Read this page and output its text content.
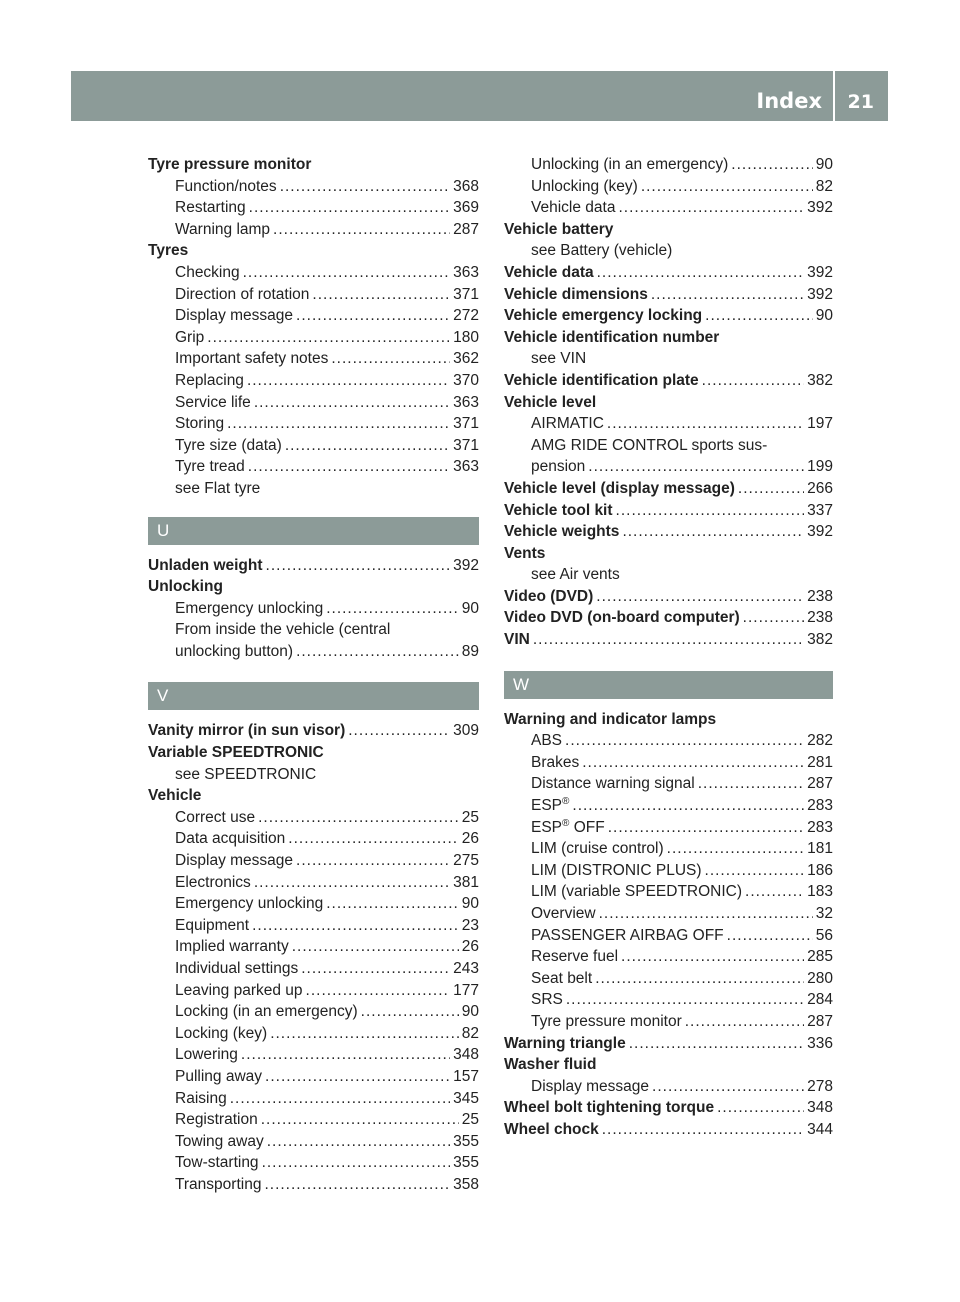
Index 21
Tyre pressure monitor
Function/notes .....	368
Restarting .....	369
Warning lamp .....	287
Tyres
Checking .....	363
Direction of rotation .....	371
Display message .....	272
Grip .....	180
Important safety notes .....	362
Replacing .....	370
Service life .....	363
Storing .....	371
Tyre size (data) .....	371
Tyre tread .....	363
see Flat tyre
U
Unladen weight .....	392
Unlocking
Emergency unlocking .....	90
From inside the vehicle (central
unlocking button) .....	89
V
Vanity mirror (in sun visor) .....	309
Variable SPEEDTRONIC
see SPEEDTRONIC
Vehicle
Correct use .....	25
Data acquisition .....	26
Display message .....	275
Electronics .....	381
Emergency unlocking .....	90
Equipment .....	23
Implied warranty .....	26
Individual settings .....	243
Leaving parked up .....	177
Locking (in an emergency) .....	90
Locking (key) .....	82
Lowering .....	348
Pulling away .....	157
Raising .....	345
Registration .....	25
Towing away .....	355
Tow-starting .....	355
Transporting .....	358
Unlocking (in an emergency) .....	90
Unlocking (key) .....	82
Vehicle data .....	392
Vehicle battery
see Battery (vehicle)
Vehicle data .....	392
Vehicle dimensions .....	392
Vehicle emergency locking .....	90
Vehicle identification number
see VIN
Vehicle identification plate .....	382
Vehicle level
AIRMATIC .....	197
AMG RIDE CONTROL sports sus-
pension .....	199
Vehicle level (display message) .....	266
Vehicle tool kit .....	337
Vehicle weights .....	392
Vents
see Air vents
Video (DVD) .....	238
Video DVD (on-board computer) .....	238
VIN .....	382
W
Warning and indicator lamps
ABS .....	282
Brakes .....	281
Distance warning signal .....	287
ESP® .....	283
ESP® OFF .....	283
LIM (cruise control) .....	181
LIM (DISTRONIC PLUS) .....	186
LIM (variable SPEEDTRONIC) .....	183
Overview .....	32
PASSENGER AIRBAG OFF .....	56
Reserve fuel .....	285
Seat belt .....	280
SRS .....	284
Tyre pressure monitor .....	287
Warning triangle .....	336
Washer fluid
Display message .....	278
Wheel bolt tightening torque .....	348
Wheel chock .....	344
